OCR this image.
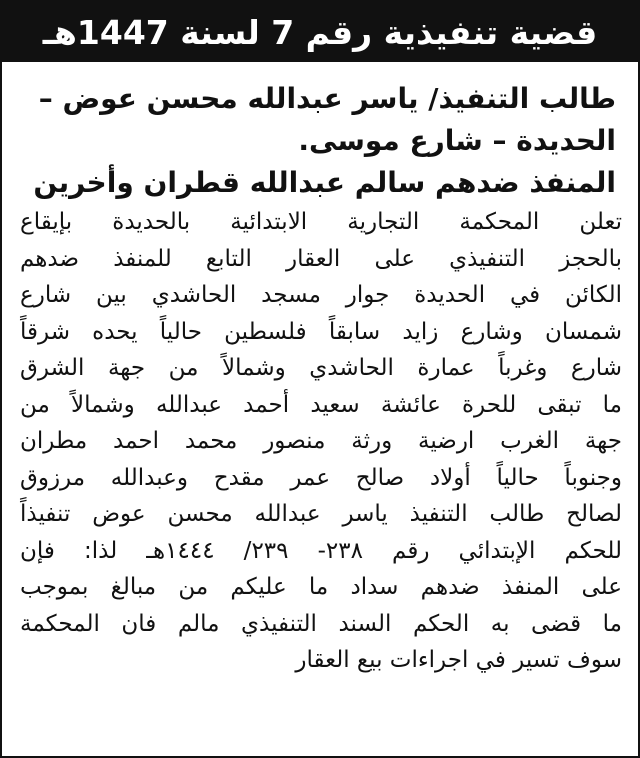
قضية تنفيذية رقم 7 لسنة 1447هـ
طالب التنفيذ/ ياسر عبدالله محسن عوض –
الحديدة – شارع موسى.
المنفذ ضدهم سالم عبدالله قطران وأخرين
تعلن المحكمة التجارية الابتدائية بالحديدة بإيقاع
بالحجز التنفيذي على العقار التابع للمنفذ ضدهم
الكائن في الحديدة جوار مسجد الحاشدي بين شارع
شمسان وشارع زايد سابقاً فلسطين حالياً يحده شرقاً
شارع وغرباً عمارة الحاشدي وشمالاً من جهة الشرق
ما تبقى للحرة عائشة سعيد أحمد عبدالله وشمالاً من
جهة الغرب ارضية ورثة منصور محمد احمد مطران
وجنوباً حالياً أولاد صالح عمر مقدح وعبدالله مرزوق
لصالح طالب التنفيذ ياسر عبدالله محسن عوض تنفيذاً
للحكم الإبتدائي رقم ٢٣٨- ٢٣٩/ ١٤٤٤هـ لذا: فإن
على المنفذ ضدهم سداد ما عليكم من مبالغ بموجب
ما قضى به الحكم السند التنفيذي مالم فان المحكمة
سوف تسير في اجراءات بيع العقار
